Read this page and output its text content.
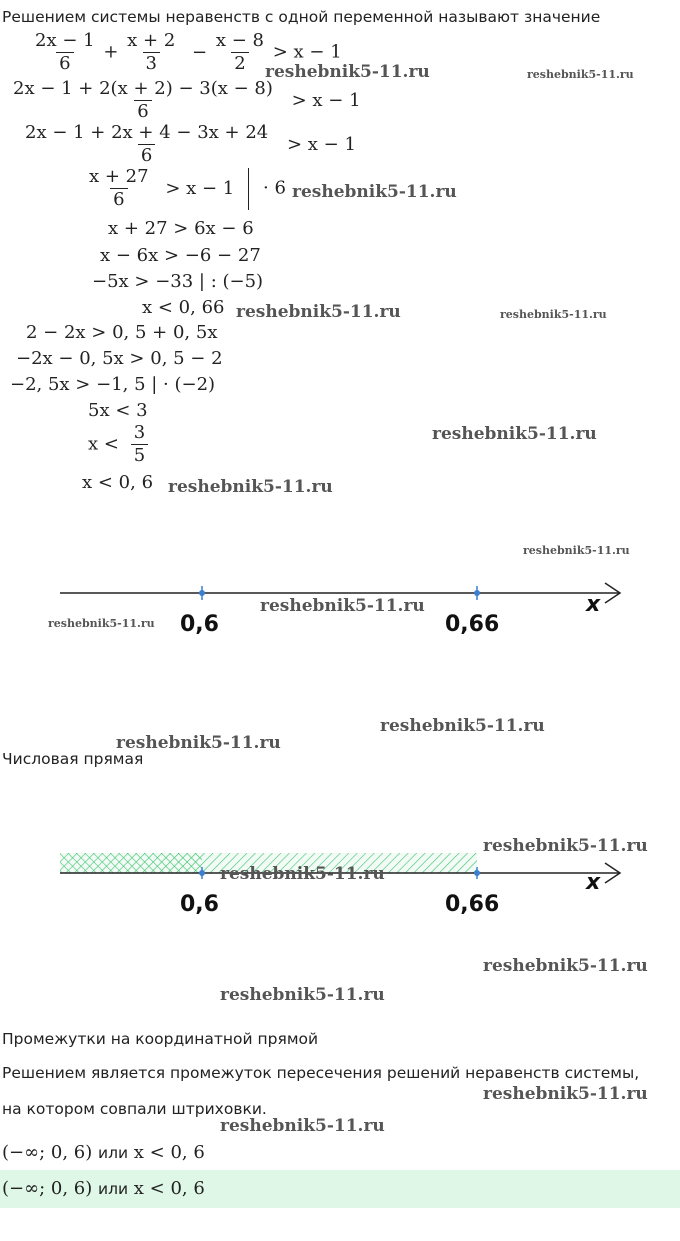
Решением системы неравенств с одной переменной называют значение
$\frac{2x - 1}{6} + \frac{x + 2}{3} - \frac{x - 8}{2} > x - 1$
$\frac{2x - 1 + 2(x + 2) - 3(x - 8)}{6} > x - 1$
$\frac{2x - 1 + 2x + 4 - 3x + 24}{6} > x - 1$
$\frac{x + 27}{6} > x - 1 \cdot 6$
x + 27 > 6x − 6
x − 6x > −6 − 27
−5x > −33 | : (−5)
x < 0, 66
2 − 2x > 0, 5 + 0, 5x
−2x − 0, 5x > 0, 5 − 2
−2, 5x > −1, 5 | · (−2)
5x < 3
$x < \frac{3}{5}$
x < 0, 6
0,6	0,66
x
Числовая прямая
0,6	0,66
x
Промежутки на координатной прямой
Решением является промежуток пересечения решений неравенств системы,
на котором совпали штриховки.
(−∞; 0, 6) или x < 0, 6
(−∞; 0, 6) или x < 0, 6
reshebnik5-11.ru	reshebnik5-11.ru
reshebnik5-11.ru
reshebnik5-11.ru	reshebnik5-11.ru
reshebnik5-11.ru
reshebnik5-11.ru
reshebnik5-11.ru
reshebnik5-11.ru
reshebnik5-11.ru
reshebnik5-11.ru
reshebnik5-11.ru
reshebnik5-11.ru
reshebnik5-11.ru
reshebnik5-11.ru
reshebnik5-11.ru
reshebnik5-11.ru
reshebnik5-11.ru
